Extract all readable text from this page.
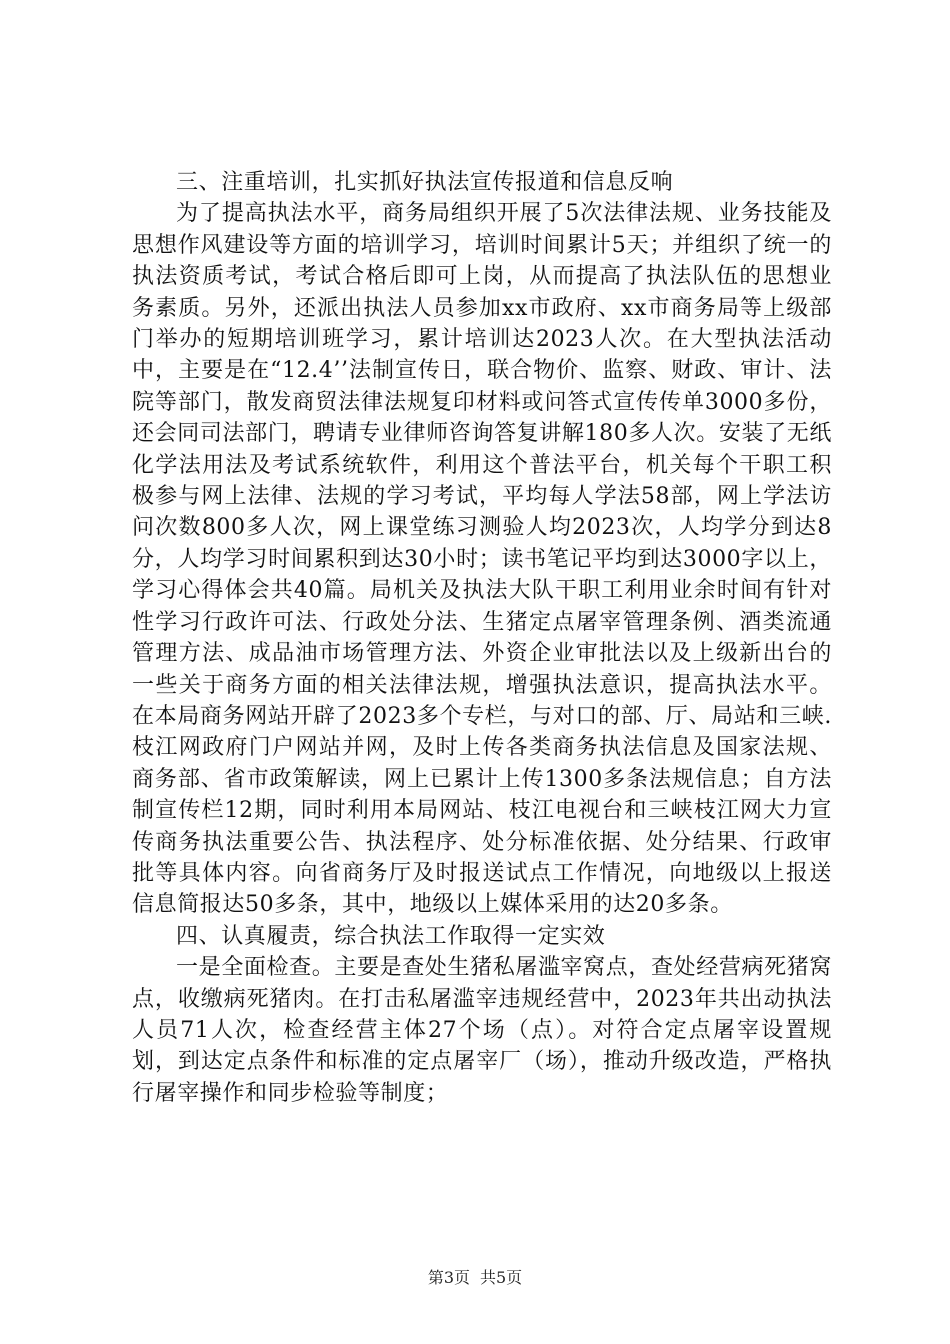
三、注重培训，扎实抓好执法宣传报道和信息反响

为了提高执法水平，商务局组织开展了5次法律法规、业务技能及思想作风建设等方面的培训学习，培训时间累计5天；并组织了统一的执法资质考试，考试合格后即可上岗，从而提高了执法队伍的思想业务素质。另外，还派出执法人员参加xx市政府、xx市商务局等上级部门举办的短期培训班学习，累计培训达2023人次。在大型执法活动中，主要是在“12.4’’法制宣传日，联合物价、监察、财政、审计、法院等部门，散发商贸法律法规复印材料或问答式宣传传单3000多份，还会同司法部门，聘请专业律师咨询答复讲解180多人次。安装了无纸化学法用法及考试系统软件，利用这个普法平台，机关每个干职工积极参与网上法律、法规的学习考试，平均每人学法58部，网上学法访问次数800多人次，网上课堂练习测验人均2023次，人均学分到达8分，人均学习时间累积到达30小时；读书笔记平均到达3000字以上，学习心得体会共40篇。局机关及执法大队干职工利用业余时间有针对性学习行政许可法、行政处分法、生猪定点屠宰管理条例、酒类流通管理方法、成品油市场管理方法、外资企业审批法以及上级新出台的一些关于商务方面的相关法律法规，增强执法意识，提高执法水平。在本局商务网站开辟了2023多个专栏，与对口的部、厅、局站和三峡.枝江网政府门户网站并网，及时上传各类商务执法信息及国家法规、商务部、省市政策解读，网上已累计上传1300多条法规信息；自方法制宣传栏12期，同时利用本局网站、枝江电视台和三峡枝江网大力宣传商务执法重要公告、执法程序、处分标准依据、处分结果、行政审批等具体内容。向省商务厅及时报送试点工作情况，向地级以上报送信息简报达50多条，其中，地级以上媒体采用的达20多条。

四、认真履责，综合执法工作取得一定实效

一是全面检查。主要是查处生猪私屠滥宰窝点，查处经营病死猪窝点，收缴病死猪肉。在打击私屠滥宰违规经营中，2023年共出动执法人员71人次，检查经营主体27个场（点）。对符合定点屠宰设置规划，到达定点条件和标准的定点屠宰厂（场），推动升级改造，严格执行屠宰操作和同步检验等制度；

第3页 共5页
